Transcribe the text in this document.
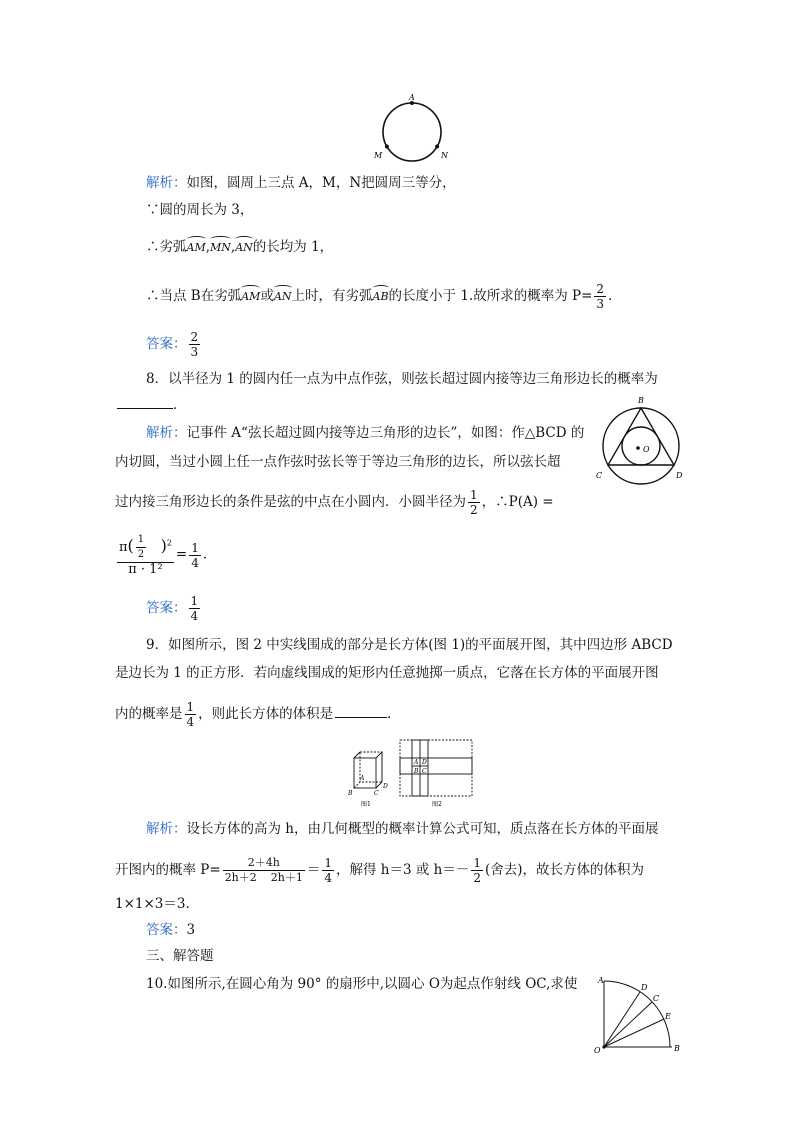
A
M	N
解析：如图，圆周上三点 A，M，N把圆周三等分，
∵圆的周长为 3，
∴劣弧AM,MN,AN的长均为 1，
∴当点 B在劣弧AM或AN上时，有劣弧AB的长度小于 1.故所求的概率为 $P= \frac{2}{3}$ .
答案： $\frac{2}{3}$
8．以半径为 1 的圆内任一点为中点作弦，则弦长超过圆内接等边三角形边长的概率为
．
解析：记事件 A“弦长超过圆内接等边三角形的边长”，如图：作△BCD 的
内切圆，当过小圆上任一点作弦时弦长等于等边三角形的边长，所以弦长超
过内接三角形边长的条件是弦的中点在小圆内．小圆半径为 $\frac{1}{2}$ ，∴P(A) =
$\frac{\pi( \frac{1}{2} )^2}{\text{π · 1²}} = \frac{1}{4}$ .
答案： $\frac{1}{4}$
B
C	D
O
9．如图所示，图 2 中实线围成的部分是长方体(图 1)的平面展开图，其中四边形 ABCD
是边长为 1 的正方形．若向虚线围成的矩形内任意抛掷一质点，它落在长方体的平面展开图
内的概率是 $\frac{1}{4}$ ，则此长方体的体积是	．
A
B	C
D
图1
A D
B C
图2
解析：设长方体的高为 h，由几何概型的概率计算公式可知，质点落在长方体的平面展
开图内的概率 $P= \frac{2+4h}{2h+2 2h+1} = \frac{1}{4}$ ，解得 h＝3 或 $h=- \frac{1}{2}$ (舍去)，故长方体的体积为
1×1×3＝3.
答案：3
三、解答题
10.如图所示,在圆心角为 90° 的扇形中,以圆心 O为起点作射线 OC,求使	A
B
C
D
E
O
